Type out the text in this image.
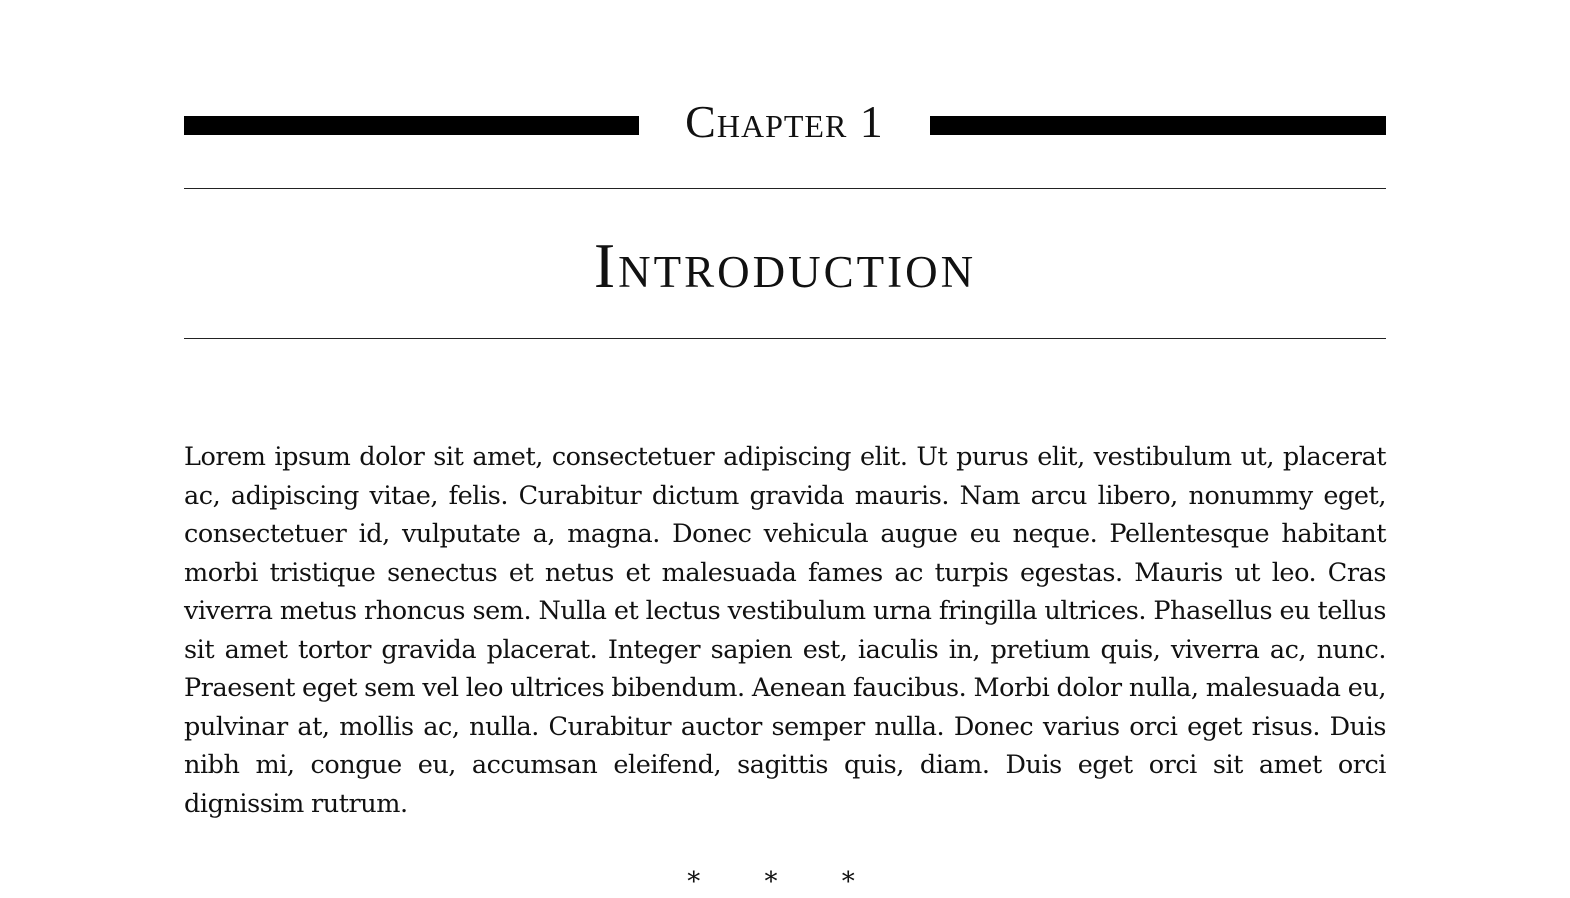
Chapter 1
Introduction

Lorem ipsum dolor sit amet, consectetuer adipiscing elit. Ut purus elit, vestibulum ut, placerat ac, adipiscing vitae, felis. Curabitur dictum gravida mauris. Nam arcu libero, nonummy eget, consectetuer id, vulputate a, magna. Donec vehicula augue eu neque. Pellentesque habitant morbi tristique senectus et netus et malesuada fames ac turpis egestas. Mauris ut leo. Cras viverra metus rhoncus sem. Nulla et lectus vestibulum urna fringilla ultrices. Phasellus eu tellus sit amet tortor gravida placerat. Integer sapien est, iaculis in, pretium quis, viverra ac, nunc. Praesent eget sem vel leo ultrices bibendum. Aenean faucibus. Morbi dolor nulla, malesuada eu, pulvinar at, mollis ac, nulla. Curabitur auctor semper nulla. Donec varius orci eget risus. Duis nibh mi, congue eu, accumsan eleifend, sagittis quis, diam. Duis eget orci sit amet orci dignissim rutrum.

* * *
